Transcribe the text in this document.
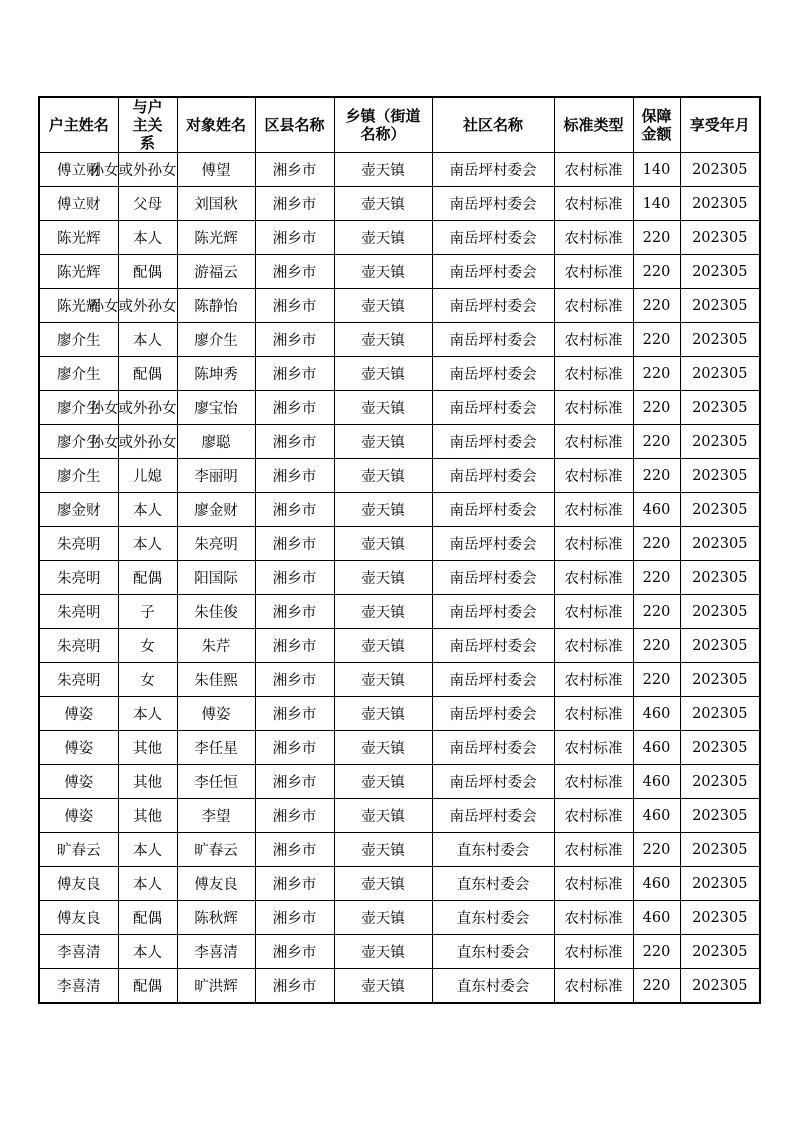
户主姓名	与户主关系	对象姓名	区县名称	乡镇（街道名称）	社区名称	标准类型	保障金额	享受年月
傅立财	孙女或外孙女	傅望	湘乡市	壶天镇	南岳坪村委会	农村标准	140	202305
傅立财	父母	刘国秋	湘乡市	壶天镇	南岳坪村委会	农村标准	140	202305
陈光辉	本人	陈光辉	湘乡市	壶天镇	南岳坪村委会	农村标准	220	202305
陈光辉	配偶	游福云	湘乡市	壶天镇	南岳坪村委会	农村标准	220	202305
陈光辉	孙女或外孙女	陈静怡	湘乡市	壶天镇	南岳坪村委会	农村标准	220	202305
廖介生	本人	廖介生	湘乡市	壶天镇	南岳坪村委会	农村标准	220	202305
廖介生	配偶	陈坤秀	湘乡市	壶天镇	南岳坪村委会	农村标准	220	202305
廖介生	孙女或外孙女	廖宝怡	湘乡市	壶天镇	南岳坪村委会	农村标准	220	202305
廖介生	孙女或外孙女	廖聪	湘乡市	壶天镇	南岳坪村委会	农村标准	220	202305
廖介生	儿媳	李丽明	湘乡市	壶天镇	南岳坪村委会	农村标准	220	202305
廖金财	本人	廖金财	湘乡市	壶天镇	南岳坪村委会	农村标准	460	202305
朱亮明	本人	朱亮明	湘乡市	壶天镇	南岳坪村委会	农村标准	220	202305
朱亮明	配偶	阳国际	湘乡市	壶天镇	南岳坪村委会	农村标准	220	202305
朱亮明	子	朱佳俊	湘乡市	壶天镇	南岳坪村委会	农村标准	220	202305
朱亮明	女	朱芹	湘乡市	壶天镇	南岳坪村委会	农村标准	220	202305
朱亮明	女	朱佳熙	湘乡市	壶天镇	南岳坪村委会	农村标准	220	202305
傅姿	本人	傅姿	湘乡市	壶天镇	南岳坪村委会	农村标准	460	202305
傅姿	其他	李任星	湘乡市	壶天镇	南岳坪村委会	农村标准	460	202305
傅姿	其他	李任恒	湘乡市	壶天镇	南岳坪村委会	农村标准	460	202305
傅姿	其他	李望	湘乡市	壶天镇	南岳坪村委会	农村标准	460	202305
旷春云	本人	旷春云	湘乡市	壶天镇	直东村委会	农村标准	220	202305
傅友良	本人	傅友良	湘乡市	壶天镇	直东村委会	农村标准	460	202305
傅友良	配偶	陈秋辉	湘乡市	壶天镇	直东村委会	农村标准	460	202305
李喜清	本人	李喜清	湘乡市	壶天镇	直东村委会	农村标准	220	202305
李喜清	配偶	旷洪辉	湘乡市	壶天镇	直东村委会	农村标准	220	202305
